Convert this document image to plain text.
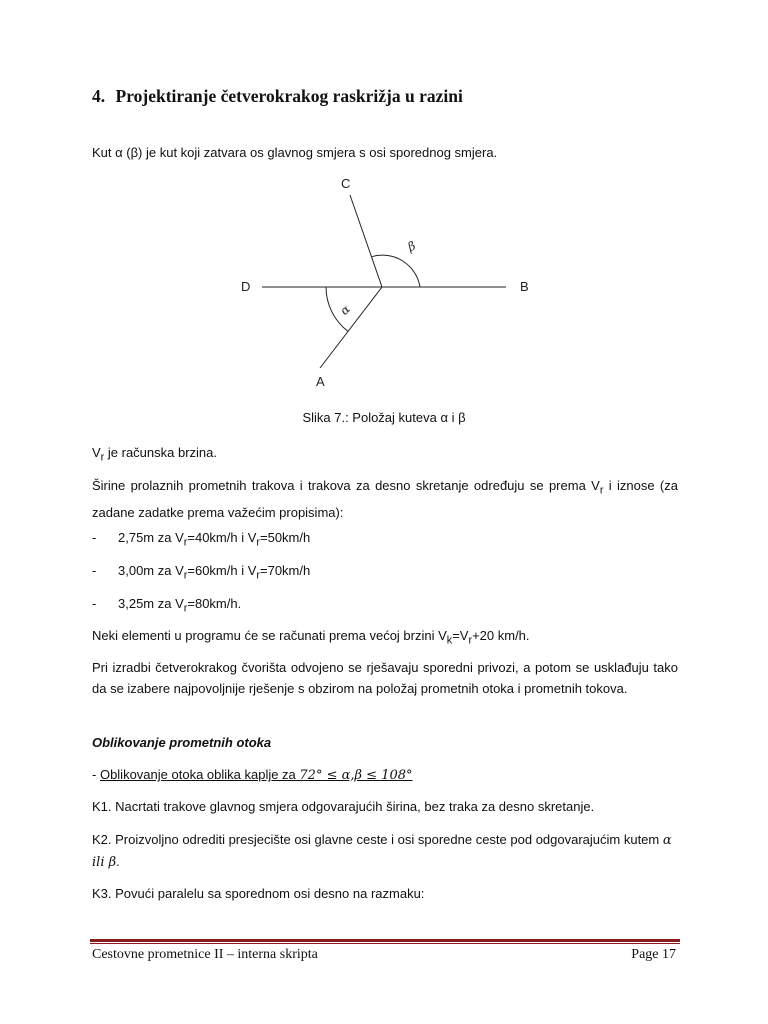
4. Projektiranje četverokrakog raskrižja u razini

Kut α (β) je kut koji zatvara os glavnog smjera s osi sporednog smjera.

C
B
D
A
β
α

Slika 7.: Položaj kuteva α i β

$V_r$ je računska brzina.

Širine prolaznih prometnih trakova i trakova za desno skretanje određuju se prema $V_r$ i iznose (za zadane zadatke prema važećim propisima):

- 2,75m za $V_r=40km/h$ i $V_r=50km/h$

- 3,00m za $V_r=60km/h$ i $V_r=70km/h$

- 3,25m za $V_r=80km/h$.

Neki elementi u programu će se računati prema većoj brzini $V_k=V_r+20$ km/h.

Pri izradbi četverokrakog čvorišta odvojeno se rješavaju sporedni privozi, a potom se usklađuju tako da se izabere najpovoljnije rješenje s obzirom na položaj prometnih otoka i prometnih tokova.

Oblikovanje prometnih otoka

- Oblikovanje otoka oblika kaplje za 72° ≤ α,β ≤ 108°

K1. Nacrtati trakove glavnog smjera odgovarajućih širina, bez traka za desno skretanje.

K2. Proizvoljno odrediti presjecište osi glavne ceste i osi sporedne ceste pod odgovarajućim kutem α ili β.

K3. Povući paralelu sa sporednom osi desno na razmaku:

Cestovne prometnice II – interna skripta	Page 17
